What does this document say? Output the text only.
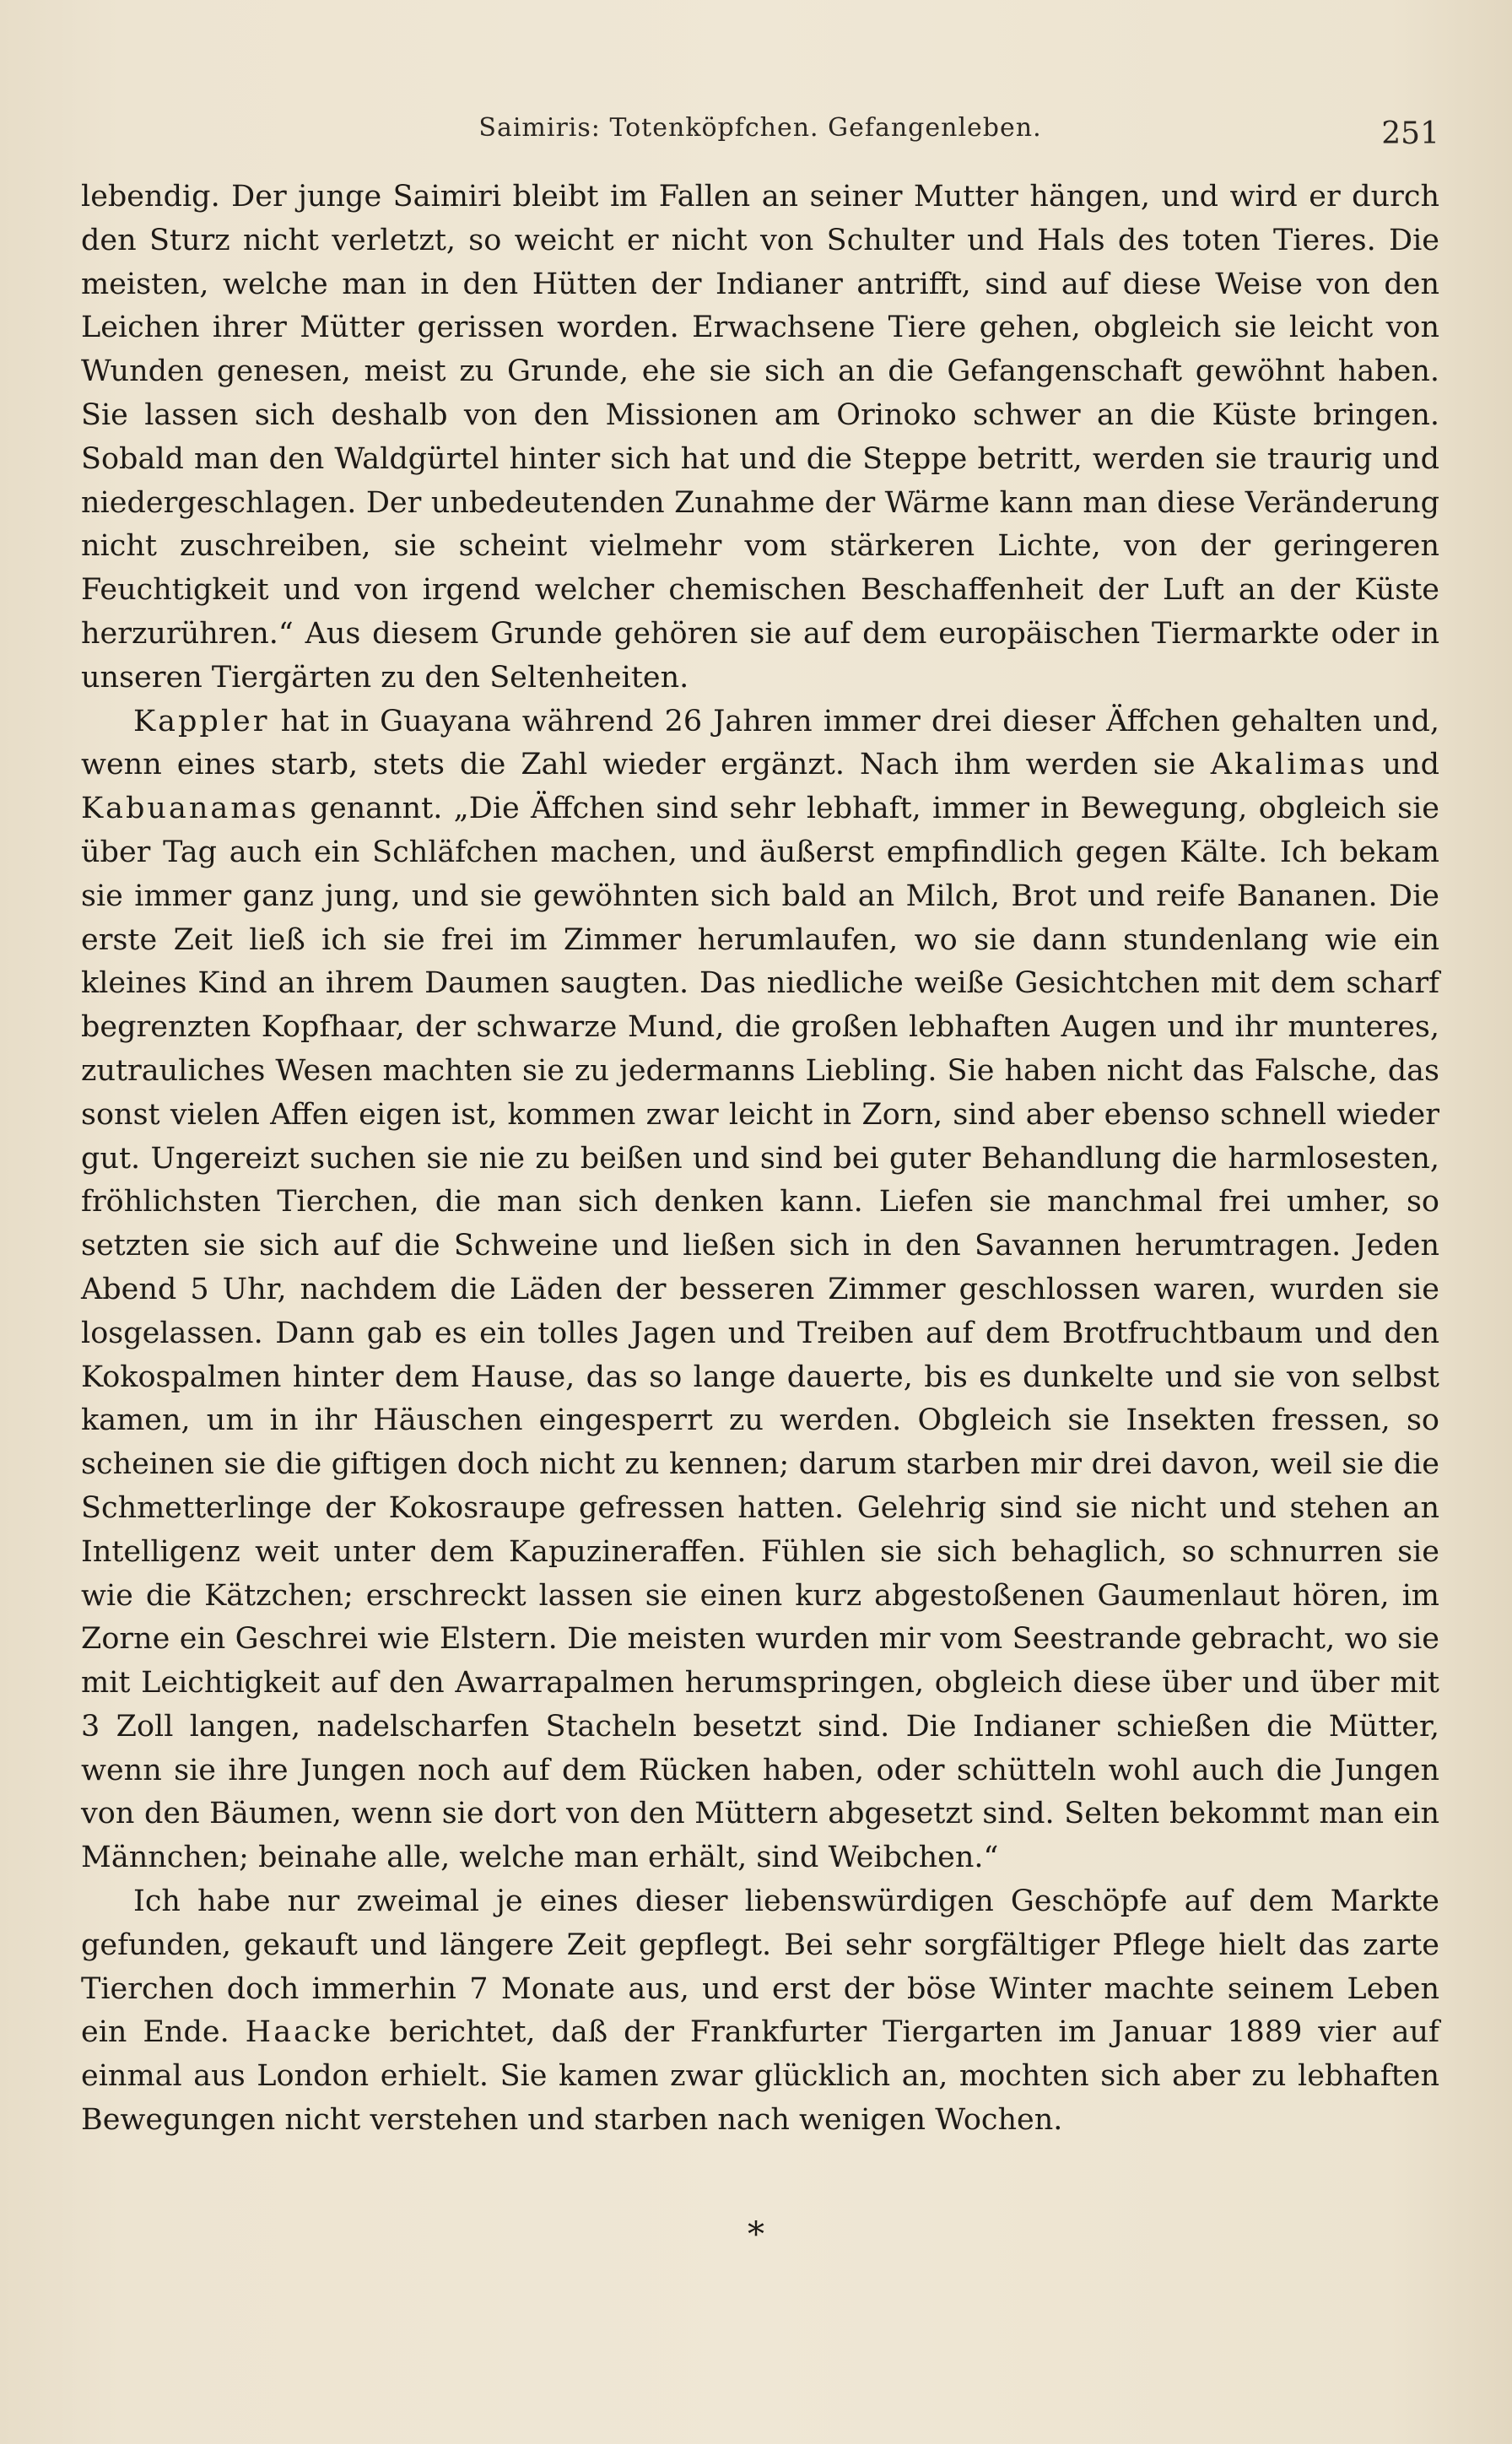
Saimiris: Totenköpfchen. Gefangenleben.	251

lebendig. Der junge Saimiri bleibt im Fallen an seiner Mutter hängen, und wird er durch den Sturz nicht verletzt, so weicht er nicht von Schulter und Hals des toten Tieres. Die meisten, welche man in den Hütten der Indianer antrifft, sind auf diese Weise von den Leichen ihrer Mütter gerissen worden. Erwachsene Tiere gehen, obgleich sie leicht von Wunden genesen, meist zu Grunde, ehe sie sich an die Gefangenschaft gewöhnt haben. Sie lassen sich deshalb von den Missionen am Orinoko schwer an die Küste bringen. Sobald man den Waldgürtel hinter sich hat und die Steppe betritt, werden sie traurig und niedergeschlagen. Der unbedeutenden Zunahme der Wärme kann man diese Veränderung nicht zuschreiben, sie scheint vielmehr vom stärkeren Lichte, von der geringeren Feuchtigkeit und von irgend welcher chemischen Beschaffenheit der Luft an der Küste herzurühren.“ Aus diesem Grunde gehören sie auf dem europäischen Tiermarkte oder in unseren Tiergärten zu den Seltenheiten.

Kappler hat in Guayana während 26 Jahren immer drei dieser Äffchen gehalten und, wenn eines starb, stets die Zahl wieder ergänzt. Nach ihm werden sie Akalimas und Kabuanamas genannt. „Die Äffchen sind sehr lebhaft, immer in Bewegung, obgleich sie über Tag auch ein Schläfchen machen, und äußerst empfindlich gegen Kälte. Ich bekam sie immer ganz jung, und sie gewöhnten sich bald an Milch, Brot und reife Bananen. Die erste Zeit ließ ich sie frei im Zimmer herumlaufen, wo sie dann stundenlang wie ein kleines Kind an ihrem Daumen saugten. Das niedliche weiße Gesichtchen mit dem scharf begrenzten Kopfhaar, der schwarze Mund, die großen lebhaften Augen und ihr munteres, zutrauliches Wesen machten sie zu jedermanns Liebling. Sie haben nicht das Falsche, das sonst vielen Affen eigen ist, kommen zwar leicht in Zorn, sind aber ebenso schnell wieder gut. Ungereizt suchen sie nie zu beißen und sind bei guter Behandlung die harmlosesten, fröhlichsten Tierchen, die man sich denken kann. Liefen sie manchmal frei umher, so setzten sie sich auf die Schweine und ließen sich in den Savannen herumtragen. Jeden Abend 5 Uhr, nachdem die Läden der besseren Zimmer geschlossen waren, wurden sie losgelassen. Dann gab es ein tolles Jagen und Treiben auf dem Brotfruchtbaum und den Kokospalmen hinter dem Hause, das so lange dauerte, bis es dunkelte und sie von selbst kamen, um in ihr Häuschen eingesperrt zu werden. Obgleich sie Insekten fressen, so scheinen sie die giftigen doch nicht zu kennen; darum starben mir drei davon, weil sie die Schmetterlinge der Kokosraupe gefressen hatten. Gelehrig sind sie nicht und stehen an Intelligenz weit unter dem Kapuzineraffen. Fühlen sie sich behaglich, so schnurren sie wie die Kätzchen; erschreckt lassen sie einen kurz abgestoßenen Gaumenlaut hören, im Zorne ein Geschrei wie Elstern. Die meisten wurden mir vom Seestrande gebracht, wo sie mit Leichtigkeit auf den Awarrapalmen herumspringen, obgleich diese über und über mit 3 Zoll langen, nadelscharfen Stacheln besetzt sind. Die Indianer schießen die Mütter, wenn sie ihre Jungen noch auf dem Rücken haben, oder schütteln wohl auch die Jungen von den Bäumen, wenn sie dort von den Müttern abgesetzt sind. Selten bekommt man ein Männchen; beinahe alle, welche man erhält, sind Weibchen.“

Ich habe nur zweimal je eines dieser liebenswürdigen Geschöpfe auf dem Markte gefunden, gekauft und längere Zeit gepflegt. Bei sehr sorgfältiger Pflege hielt das zarte Tierchen doch immerhin 7 Monate aus, und erst der böse Winter machte seinem Leben ein Ende. Haacke berichtet, daß der Frankfurter Tiergarten im Januar 1889 vier auf einmal aus London erhielt. Sie kamen zwar glücklich an, mochten sich aber zu lebhaften Bewegungen nicht verstehen und starben nach wenigen Wochen.

*
